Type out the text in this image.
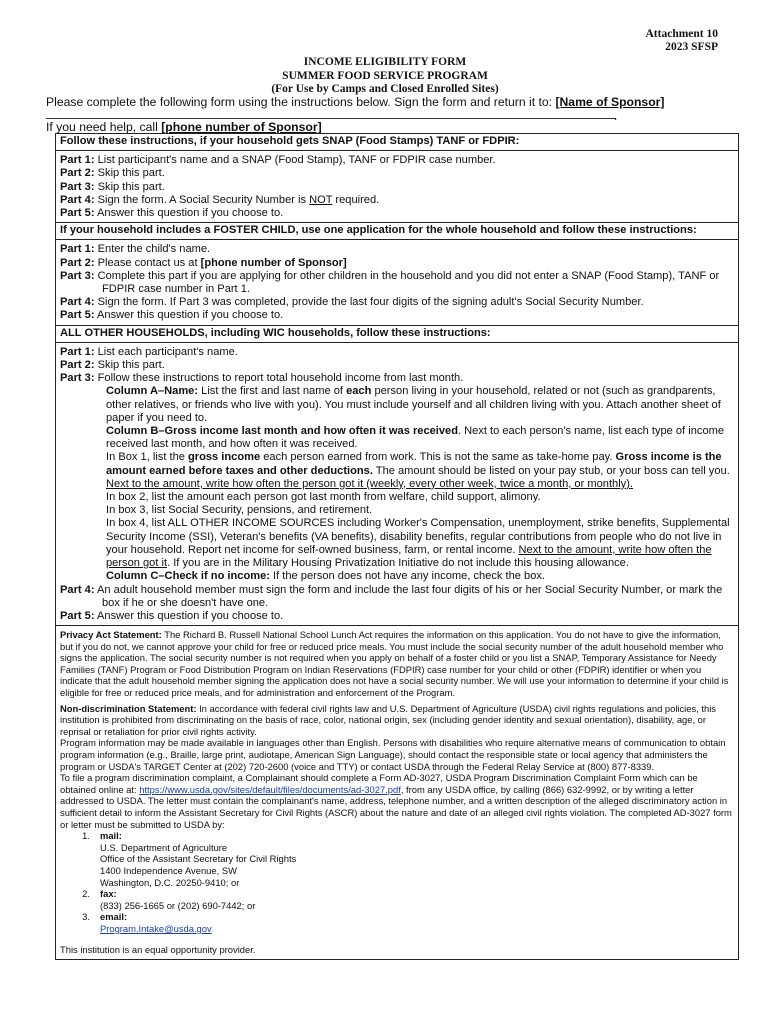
Attachment 10
2023 SFSP
INCOME ELIGIBILITY FORM
SUMMER FOOD SERVICE PROGRAM
(For Use by Camps and Closed Enrolled Sites)
Please complete the following form using the instructions below. Sign the form and return it to: [Name of Sponsor]
.
If you need help, call [phone number of Sponsor]
Follow these instructions, if your household gets SNAP (Food Stamps) TANF or FDPIR:

Part 1: List participant's name and a SNAP (Food Stamp), TANF or FDPIR case number.

Part 2: Skip this part.

Part 3: Skip this part.

Part 4: Sign the form. A Social Security Number is NOT required.

Part 5: Answer this question if you choose to.

If your household includes a FOSTER CHILD, use one application for the whole household and follow these instructions:

Part 1: Enter the child's name.

Part 2: Please contact us at [phone number of Sponsor]

Part 3: Complete this part if you are applying for other children in the household and you did not enter a SNAP (Food Stamp), TANF or FDPIR case number in Part 1.

Part 4: Sign the form. If Part 3 was completed, provide the last four digits of the signing adult's Social Security Number.

Part 5: Answer this question if you choose to.

ALL OTHER HOUSEHOLDS, including WIC households, follow these instructions:

Part 1: List each participant's name.

Part 2: Skip this part.

Part 3: Follow these instructions to report total household income from last month.

Column A–Name: List the first and last name of each person living in your household, related or not (such as grandparents, other relatives, or friends who live with you). You must include yourself and all children living with you. Attach another sheet of paper if you need to.

Column B–Gross income last month and how often it was received. Next to each person's name, list each type of income received last month, and how often it was received.

In Box 1, list the gross income each person earned from work. This is not the same as take-home pay. Gross income is the amount earned before taxes and other deductions. The amount should be listed on your pay stub, or your boss can tell you. Next to the amount, write how often the person got it (weekly, every other week, twice a month, or monthly).

In box 2, list the amount each person got last month from welfare, child support, alimony.

In box 3, list Social Security, pensions, and retirement.

In box 4, list ALL OTHER INCOME SOURCES including Worker's Compensation, unemployment, strike benefits, Supplemental Security Income (SSI), Veteran's benefits (VA benefits), disability benefits, regular contributions from people who do not live in your household. Report net income for self-owned business, farm, or rental income. Next to the amount, write how often the person got it. If you are in the Military Housing Privatization Initiative do not include this housing allowance.

Column C–Check if no income: If the person does not have any income, check the box.

Part 4: An adult household member must sign the form and include the last four digits of his or her Social Security Number, or mark the box if he or she doesn't have one.

Part 5: Answer this question if you choose to.

Privacy Act Statement: The Richard B. Russell National School Lunch Act requires the information on this application. You do not have to give the information, but if you do not, we cannot approve your child for free or reduced price meals. You must include the social security number of the adult household member who signs the application. The social security number is not required when you apply on behalf of a foster child or you list a SNAP, Temporary Assistance for Needy Families (TANF) Program or Food Distribution Program on Indian Reservations (FDPIR) case number for your child or other (FDPIR) identifier or when you indicate that the adult household member signing the application does not have a social security number. We will use your information to determine if your child is eligible for free or reduced price meals, and for administration and enforcement of the Program.

Non-discrimination Statement: In accordance with federal civil rights law and U.S. Department of Agriculture (USDA) civil rights regulations and policies, this institution is prohibited from discriminating on the basis of race, color, national origin, sex (including gender identity and sexual orientation), disability, age, or reprisal or retaliation for prior civil rights activity.

Program information may be made available in languages other than English. Persons with disabilities who require alternative means of communication to obtain program information (e.g., Braille, large print, audiotape, American Sign Language), should contact the responsible state or local agency that administers the program or USDA's TARGET Center at (202) 720-2600 (voice and TTY) or contact USDA through the Federal Relay Service at (800) 877-8339.

To file a program discrimination complaint, a Complainant should complete a Form AD-3027, USDA Program Discrimination Complaint Form which can be obtained online at: https://www.usda.gov/sites/default/files/documents/ad-3027.pdf, from any USDA office, by calling (866) 632-9992, or by writing a letter addressed to USDA. The letter must contain the complainant's name, address, telephone number, and a written description of the alleged discriminatory action in sufficient detail to inform the Assistant Secretary for Civil Rights (ASCR) about the nature and date of an alleged civil rights violation. The completed AD-3027 form or letter must be submitted to USDA by:

1.	mail:
U.S. Department of Agriculture
Office of the Assistant Secretary for Civil Rights
1400 Independence Avenue, SW
Washington, D.C. 20250-9410; or
2.	fax:
(833) 256-1665 or (202) 690-7442; or
3.	email:
Program.Intake@usda.gov

This institution is an equal opportunity provider.
